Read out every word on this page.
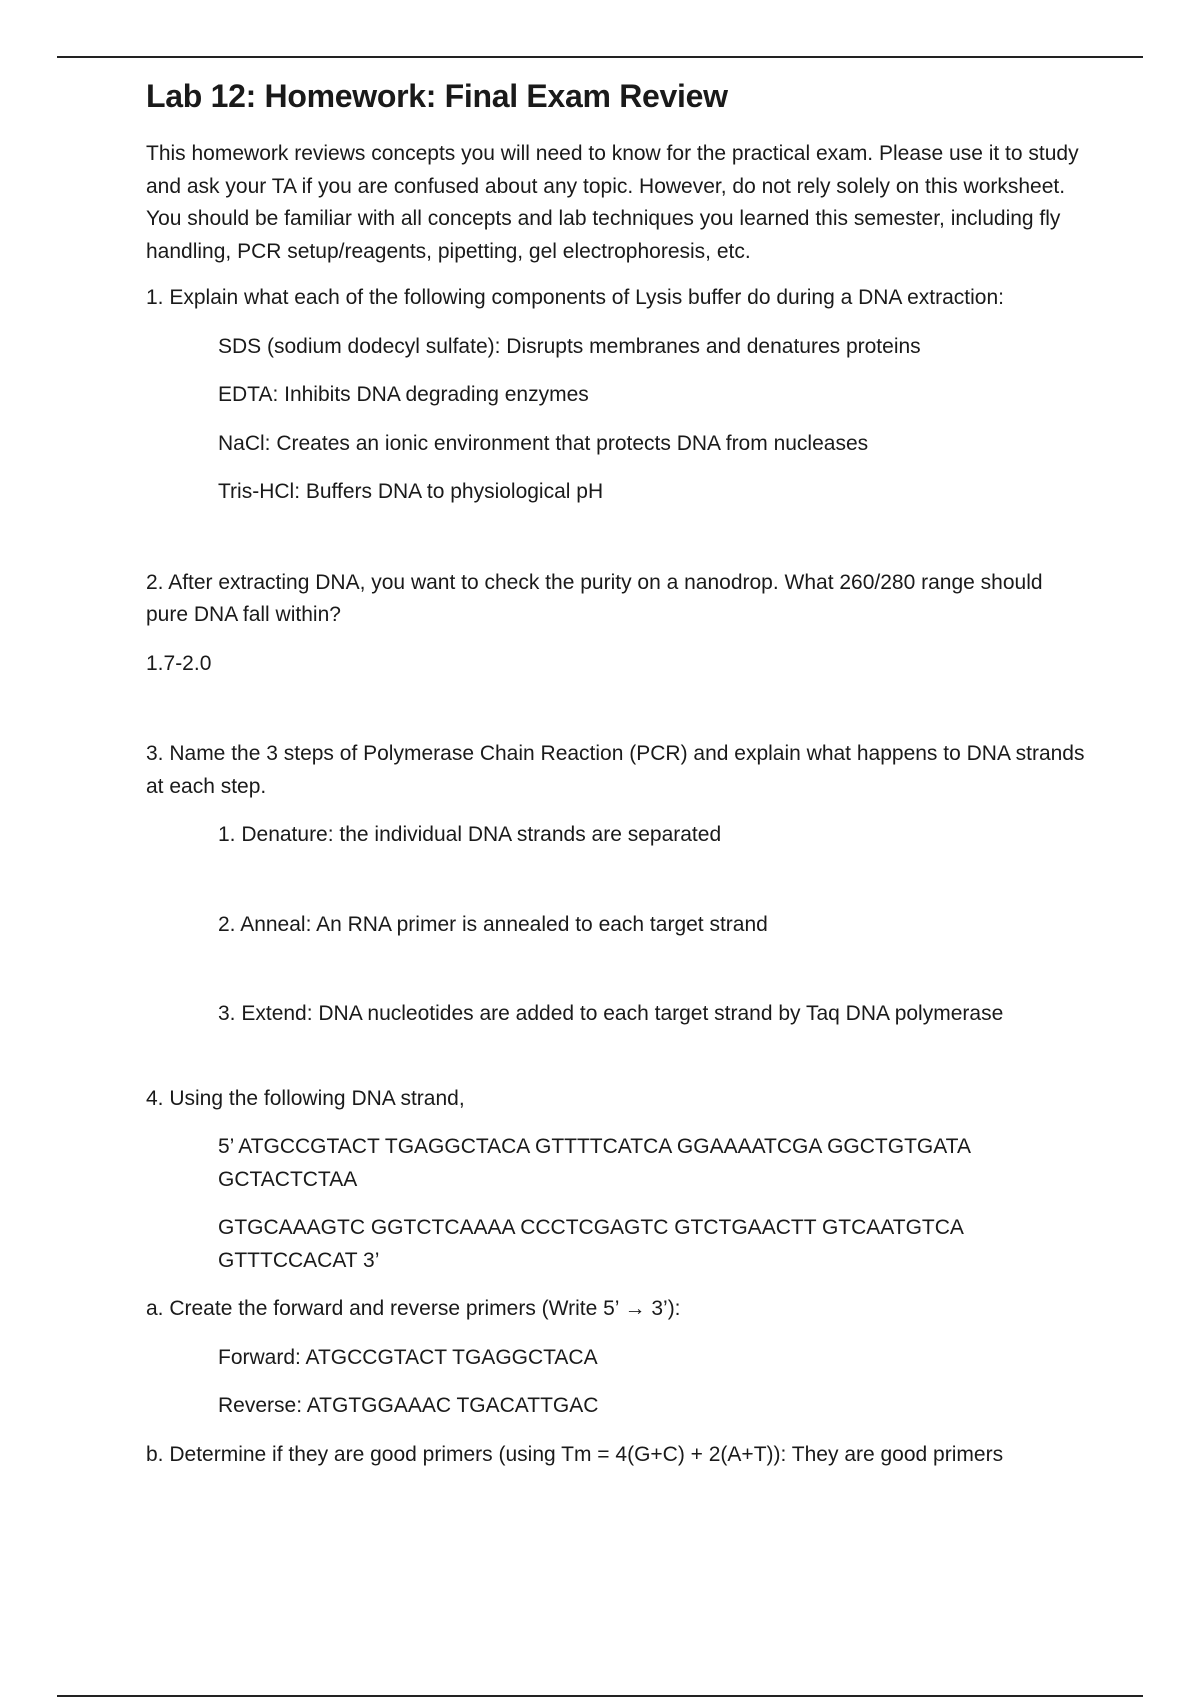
Lab 12: Homework: Final Exam Review

This homework reviews concepts you will need to know for the practical exam. Please use it to study and ask your TA if you are confused about any topic. However, do not rely solely on this worksheet. You should be familiar with all concepts and lab techniques you learned this semester, including fly handling, PCR setup/reagents, pipetting, gel electrophoresis, etc.

1. Explain what each of the following components of Lysis buffer do during a DNA extraction:

SDS (sodium dodecyl sulfate): Disrupts membranes and denatures proteins

EDTA: Inhibits DNA degrading enzymes

NaCl: Creates an ionic environment that protects DNA from nucleases

Tris-HCl: Buffers DNA to physiological pH

2. After extracting DNA, you want to check the purity on a nanodrop. What 260/280 range should pure DNA fall within?

1.7-2.0

3. Name the 3 steps of Polymerase Chain Reaction (PCR) and explain what happens to DNA strands at each step.

1. Denature: the individual DNA strands are separated

2. Anneal: An RNA primer is annealed to each target strand

3. Extend: DNA nucleotides are added to each target strand by Taq DNA polymerase

4. Using the following DNA strand,

5’ ATGCCGTACT TGAGGCTACA GTTTTCATCA GGAAAATCGA GGCTGTGATA GCTACTCTAA

GTGCAAAGTC GGTCTCAAAA CCCTCGAGTC GTCTGAACTT GTCAATGTCA GTTTCCACAT 3’

a. Create the forward and reverse primers (Write 5’ → 3’):

Forward: ATGCCGTACT TGAGGCTACA

Reverse: ATGTGGAAAC TGACATTGAC

b. Determine if they are good primers (using Tm = 4(G+C) + 2(A+T)): They are good primers
